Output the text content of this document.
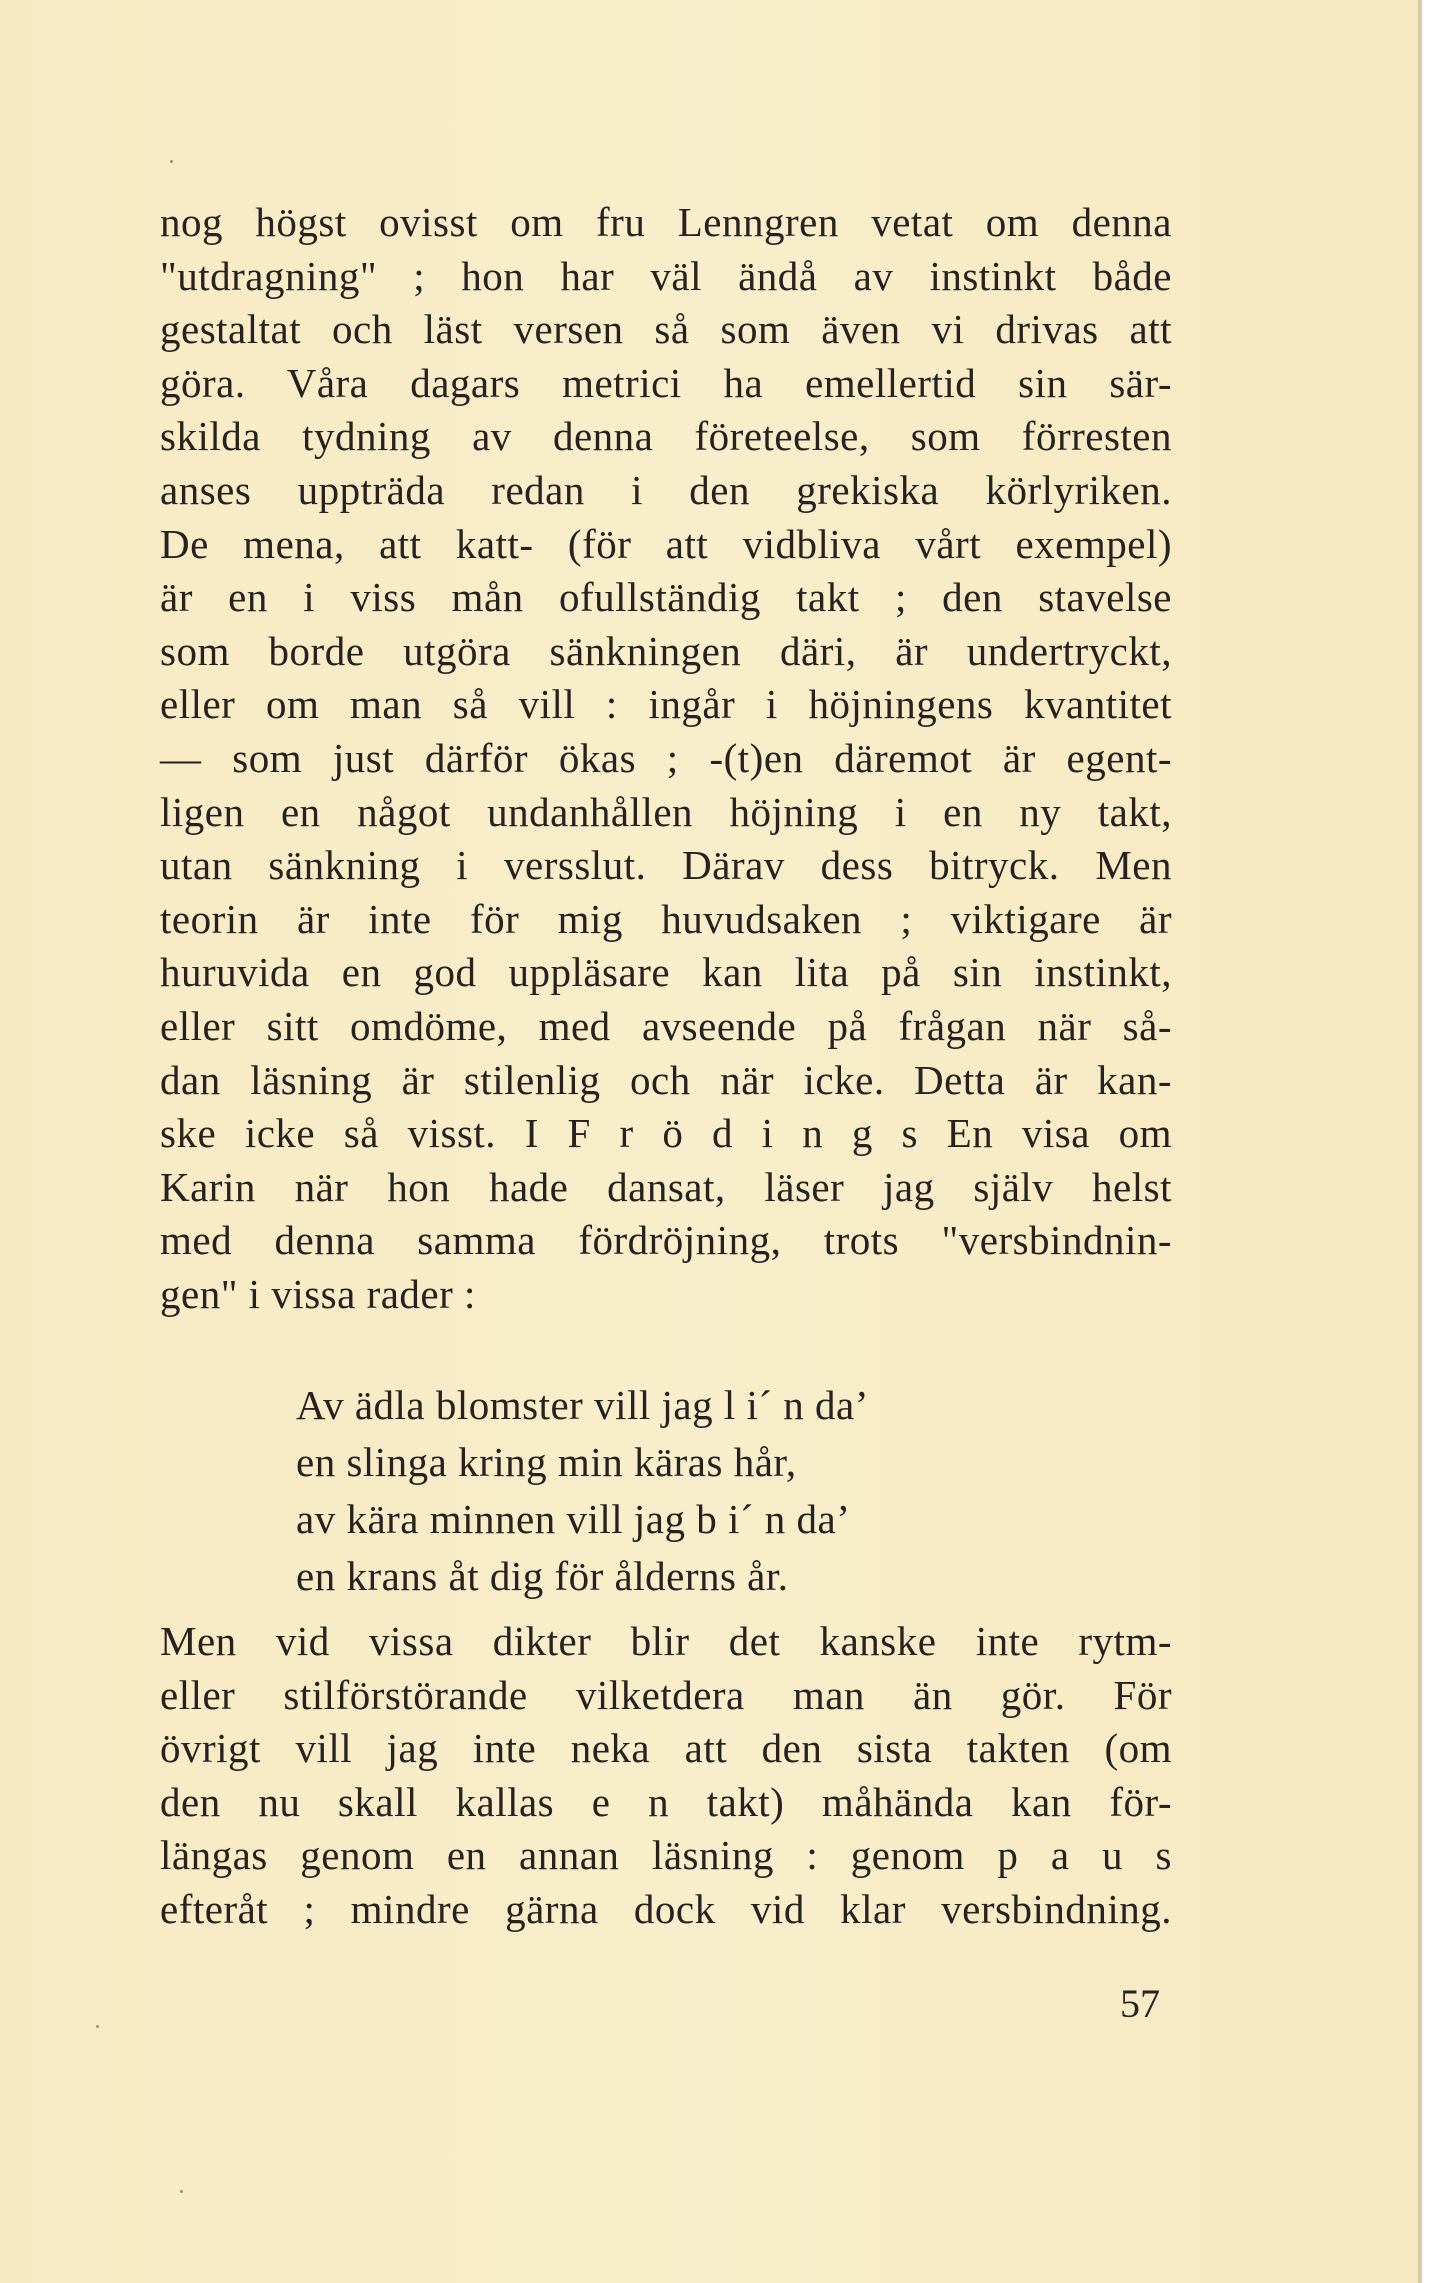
nog högst ovisst om fru Lenngren vetat om denna
"utdragning" ; hon har väl ändå av instinkt både
gestaltat och läst versen så som även vi drivas att
göra. Våra dagars metrici ha emellertid sin sär-
skilda tydning av denna företeelse, som förresten
anses uppträda redan i den grekiska körlyriken.
De mena, att katt- (för att vidbliva vårt exempel)
är en i viss mån ofullständig takt ; den stavelse
som borde utgöra sänkningen däri, är undertryckt,
eller om man så vill : ingår i höjningens kvantitet
— som just därför ökas ; -(t)en däremot är egent-
ligen en något undanhållen höjning i en ny takt,
utan sänkning i versslut. Därav dess bitryck. Men
teorin är inte för mig huvudsaken ; viktigare är
huruvida en god uppläsare kan lita på sin instinkt,
eller sitt omdöme, med avseende på frågan när så-
dan läsning är stilenlig och när icke. Detta är kan-
ske icke så visst. I F r ö d i n g s En visa om
Karin när hon hade dansat, läser jag själv helst
med denna samma fördröjning, trots "versbindnin-
gen" i vissa rader :
Av ädla blomster vill jag l i´ n da’
en slinga kring min käras hår,
av kära minnen vill jag b i´ n da’
en krans åt dig för ålderns år.
Men vid vissa dikter blir det kanske inte rytm-
eller stilförstörande vilketdera man än gör. För
övrigt vill jag inte neka att den sista takten (om
den nu skall kallas e n takt) måhända kan för-
längas genom en annan läsning : genom p a u s
efteråt ; mindre gärna dock vid klar versbindning.
57
